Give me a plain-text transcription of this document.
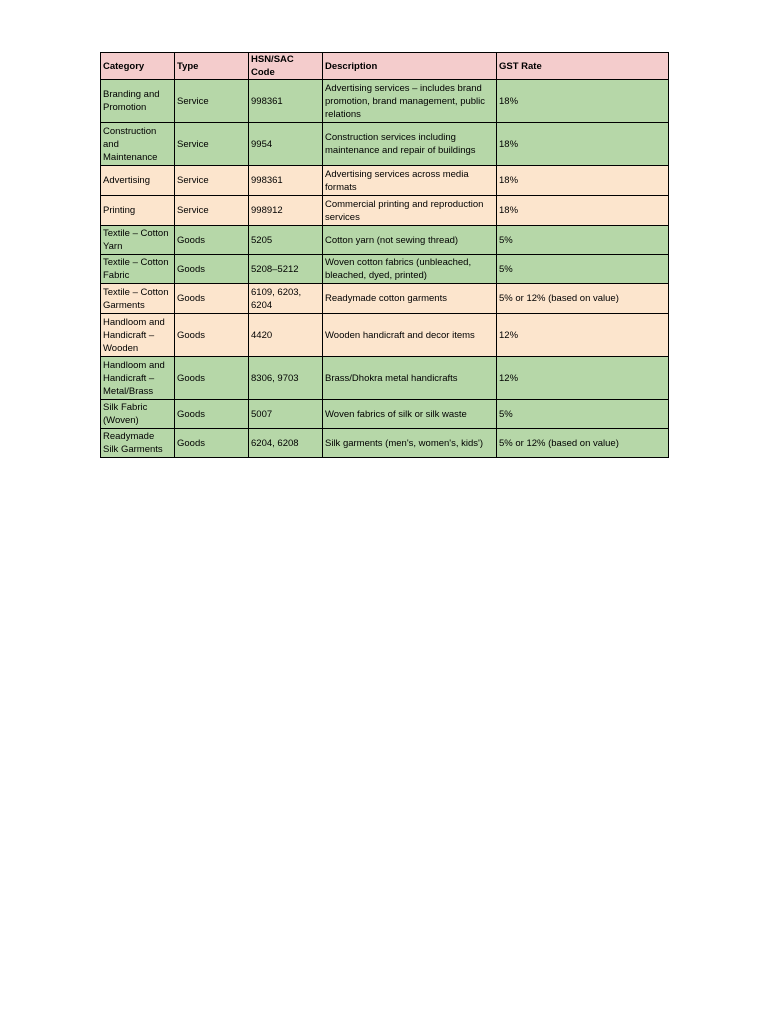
Category	Type	HSN/SAC Code	Description	GST Rate
Branding and Promotion	Service	998361	Advertising services – includes brand promotion, brand management, public relations	18%
Construction and Maintenance	Service	9954	Construction services including maintenance and repair of buildings	18%
Advertising	Service	998361	Advertising services across media formats	18%
Printing	Service	998912	Commercial printing and reproduction services	18%
Textile – Cotton Yarn	Goods	5205	Cotton yarn (not sewing thread)	5%
Textile – Cotton Fabric	Goods	5208–5212	Woven cotton fabrics (unbleached, bleached, dyed, printed)	5%
Textile – Cotton Garments	Goods	6109, 6203, 6204	Readymade cotton garments	5% or 12% (based on value)
Handloom and Handicraft – Wooden	Goods	4420	Wooden handicraft and decor items	12%
Handloom and Handicraft – Metal/Brass	Goods	8306, 9703	Brass/Dhokra metal handicrafts	12%
Silk Fabric (Woven)	Goods	5007	Woven fabrics of silk or silk waste	5%
Readymade Silk Garments	Goods	6204, 6208	Silk garments (men's, women's, kids')	5% or 12% (based on value)
